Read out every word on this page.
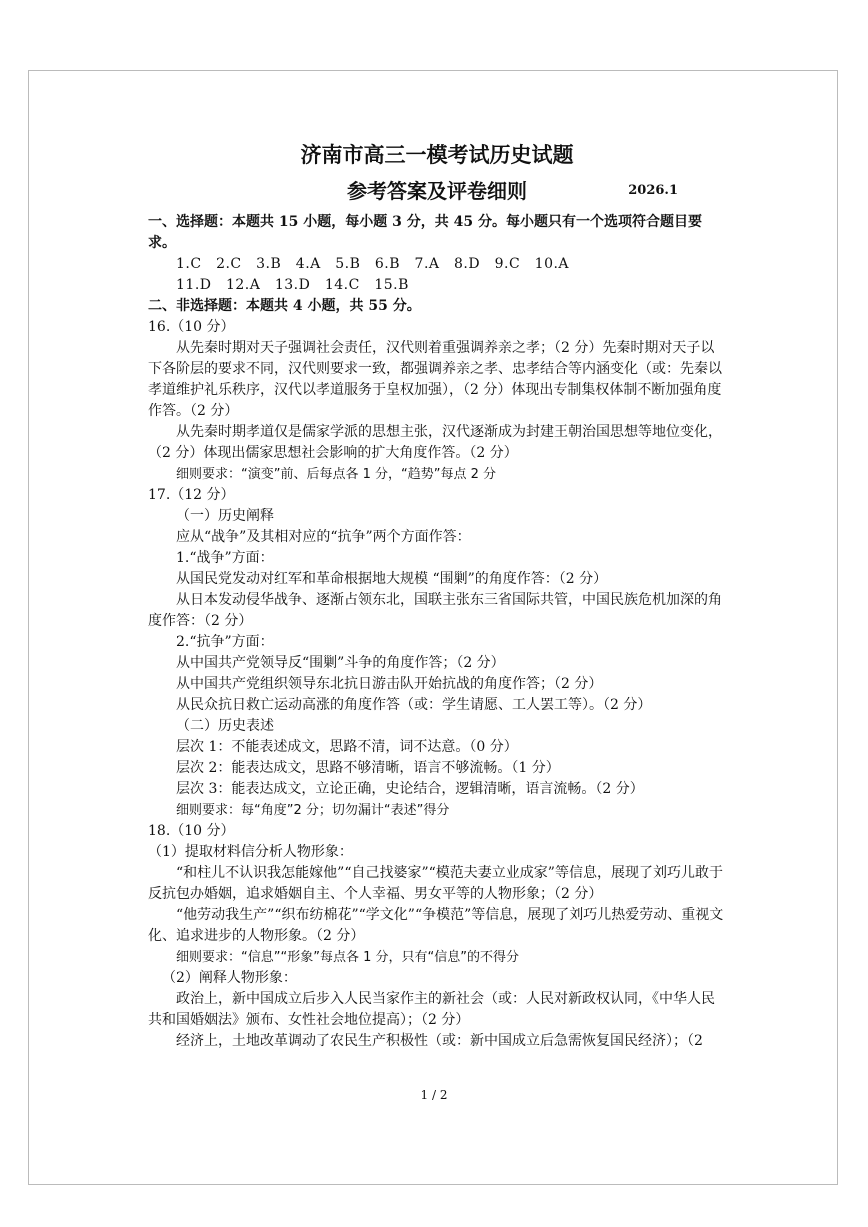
济南市高三一模考试历史试题
参考答案及评卷细则	2026.1

一、选择题：本题共 15 小题，每小题 3 分，共 45 分。每小题只有一个选项符合题目要求。

1.C　2.C　3.B　4.A　5.B　6.B　7.A　8.D　9.C　10.A

11.D　12.A　13.D　14.C　15.B

二、非选择题：本题共 4 小题，共 55 分。

16.（10 分）

从先秦时期对天子强调社会责任，汉代则着重强调养亲之孝；（2 分）先秦时期对天子以下各阶层的要求不同，汉代则要求一致，都强调养亲之孝、忠孝结合等内涵变化（或：先秦以孝道维护礼乐秩序，汉代以孝道服务于皇权加强），（2 分）体现出专制集权体制不断加强角度作答。（2 分）

从先秦时期孝道仅是儒家学派的思想主张，汉代逐渐成为封建王朝治国思想等地位变化，（2 分）体现出儒家思想社会影响的扩大角度作答。（2 分）

细则要求：“演变”前、后每点各 1 分，“趋势”每点 2 分

17.（12 分）

（一）历史阐释

应从“战争”及其相对应的“抗争”两个方面作答：

1.“战争”方面：

从国民党发动对红军和革命根据地大规模 “围剿”的角度作答：（2 分）

从日本发动侵华战争、逐渐占领东北，国联主张东三省国际共管，中国民族危机加深的角度作答：（2 分）

2.“抗争”方面：

从中国共产党领导反“围剿”斗争的角度作答；（2 分）

从中国共产党组织领导东北抗日游击队开始抗战的角度作答；（2 分）

从民众抗日救亡运动高涨的角度作答（或：学生请愿、工人罢工等）。（2 分）

（二）历史表述

层次 1：不能表述成文，思路不清，词不达意。（0 分）

层次 2：能表达成文，思路不够清晰，语言不够流畅。（1 分）

层次 3：能表达成文，立论正确，史论结合，逻辑清晰，语言流畅。（2 分）

细则要求：每“角度”2 分；切勿漏计“表述”得分

18.（10 分）

（1）提取材料信分析人物形象：

“和柱儿不认识我怎能嫁他”“自己找婆家”“模范夫妻立业成家”等信息，展现了刘巧儿敢于反抗包办婚姻，追求婚姻自主、个人幸福、男女平等的人物形象；（2 分）

“他劳动我生产”“织布纺棉花”“学文化”“争模范”等信息，展现了刘巧儿热爱劳动、重视文化、追求进步的人物形象。（2 分）

细则要求：“信息”“形象”每点各 1 分，只有“信息”的不得分

（2）阐释人物形象：

政治上，新中国成立后步入人民当家作主的新社会（或：人民对新政权认同，《中华人民共和国婚姻法》颁布、女性社会地位提高）；（2 分）

经济上，土地改革调动了农民生产积极性（或：新中国成立后急需恢复国民经济）；（2

1 / 2
